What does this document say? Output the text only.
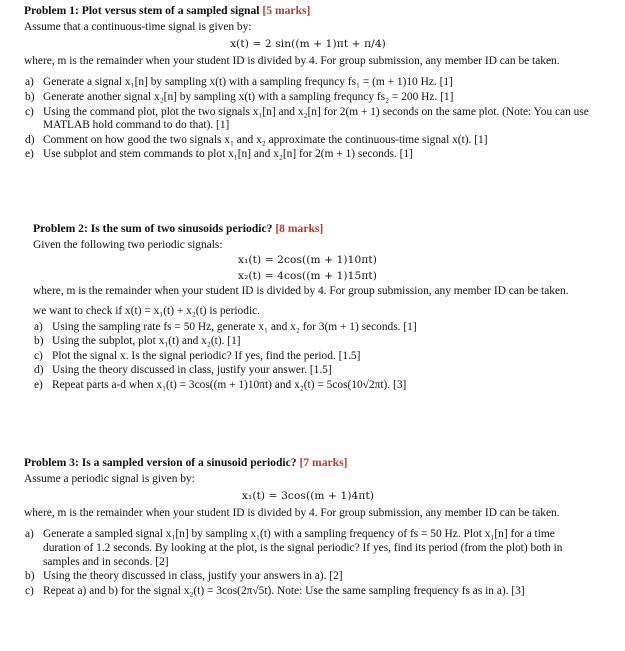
Problem 1: Plot versus stem of a sampled signal [5 marks]
Assume that a continuous-time signal is given by:
x(t) = 2 sin((m + 1)πt + π/4)
where, m is the remainder when your student ID is divided by 4. For group submission, any member ID can be taken.
a) Generate a signal x₁[n] by sampling x(t) with a sampling frequncy fs₁ = (m + 1)10 Hz. [1]
b) Generate another signal x₂[n] by sampling x(t) with a sampling frequncy fs₂ = 200 Hz. [1]
c) Using the command plot, plot the two signals x₁[n] and x₂[n] for 2(m + 1) seconds on the same plot. (Note: You can use MATLAB hold command to do that). [1]
d) Comment on how good the two signals x₁ and x₂ approximate the continuous-time signal x(t). [1]
e) Use subplot and stem commands to plot x₁[n] and x₂[n] for 2(m + 1) seconds. [1]
Problem 2: Is the sum of two sinusoids periodic? [8 marks]
Given the following two periodic signals:
x₁(t) = 2cos((m + 1)10πt)
x₂(t) = 4cos((m + 1)15πt)
where, m is the remainder when your student ID is divided by 4. For group submission, any member ID can be taken.
we want to check if x(t) = x₁(t) + x₂(t) is periodic.
a) Using the sampling rate fs = 50 Hz, generate x₁ and x₂ for 3(m + 1) seconds. [1]
b) Using the subplot, plot x₁(t) and x₂(t). [1]
c) Plot the signal x. Is the signal periodic? If yes, find the period. [1.5]
d) Using the theory discussed in class, justify your answer. [1.5]
e) Repeat parts a-d when x₁(t) = 3cos((m + 1)10πt) and x₂(t) = 5cos(10√2πt). [3]
Problem 3: Is a sampled version of a sinusoid periodic? [7 marks]
Assume a periodic signal is given by:
x₁(t) = 3cos((m + 1)4πt)
where, m is the remainder when your student ID is divided by 4. For group submission, any member ID can be taken.
a) Generate a sampled signal x₁[n] by sampling x₁(t) with a sampling frequency of fs = 50 Hz. Plot x₁[n] for a time duration of 1.2 seconds. By looking at the plot, is the signal periodic? If yes, find its period (from the plot) both in samples and in seconds. [2]
b) Using the theory discussed in class, justify your answers in a). [2]
c) Repeat a) and b) for the signal x₂(t) = 3cos(2π√5t). Note: Use the same sampling frequency fs as in a). [3]
